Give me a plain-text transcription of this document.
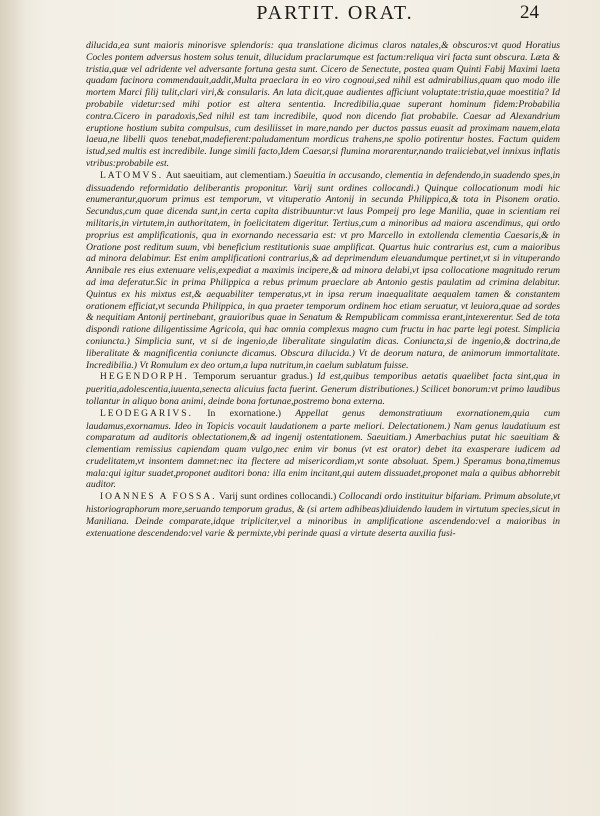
PARTIT. ORAT.	24

dilucida,ea sunt maioris minorisve splendoris: qua translatione dicimus claros natales,& obscuros:vt quod Horatius Cocles pontem adversus hostem solus tenuit, dilucidum praclarumque est factum:reliqua viri facta sunt obscura. Læta & tristia,quæ vel adridente vel adversante fortuna gesta sunt. Cicero de Senectute, postea quam Quinti Fabij Maximi laeta quadam facinora commendauit,addit,Multa praeclara in eo viro cognoui,sed nihil est admirabilius,quam quo modo ille mortem Marci filij tulit,clari viri,& consularis. An lata dicit,quae audientes afficiunt voluptate:tristia,quae moestitia? Id probabile videtur:sed mihi potior est altera sententia. Incredibilia,quae superant hominum fidem:Probabilia contra.Cicero in paradoxis,Sed nihil est tam incredibile, quod non dicendo fiat probabile. Caesar ad Alexandrium eruptione hostium subita compulsus, cum desiliisset in mare,nando per ductos passus euasit ad proximam nauem,elata laeua,ne libelli quos tenebat,madefierent:paludamentum mordicus trahens,ne spolio potirentur hostes. Factum quidem istud,sed multis est incredibile. Iunge simili facto,Idem Caesar,si flumina morarentur,nando traiiciebat,vel innixus inflatis vtribus:probabile est.

LATOMVS. Aut saeuitiam, aut clementiam.) Saeuitia in accusando, clementia in defendendo,in suadendo spes,in dissuadendo reformidatio deliberantis proponitur. Varij sunt ordines collocandi.) Quinque collocationum modi hic enumerantur,quorum primus est temporum, vt vituperatio Antonij in secunda Philippica,& tota in Pisonem oratio. Secundus,cum quae dicenda sunt,in certa capita distribuuntur:vt laus Pompeij pro lege Manilia, quae in scientiam rei militaris,in virtutem,in authoritatem, in foelicitatem digeritur. Tertius,cum a minoribus ad maiora ascendimus, qui ordo proprius est amplificationis, qua in exornando necessaria est: vt pro Marcello in extollenda clementia Caesaris,& in Oratione post reditum suum, vbi beneficium restitutionis suae amplificat. Quartus huic contrarius est, cum a maioribus ad minora delabimur. Est enim amplificationi contrarius,& ad deprimendum eleuandumque pertinet,vt si in vituperando Annibale res eius extenuare velis,expediat a maximis incipere,& ad minora delabi,vt ipsa collocatione magnitudo rerum ad ima deferatur.Sic in prima Philippica a rebus primum praeclare ab Antonio gestis paulatim ad crimina delabitur. Quintus ex his mixtus est,& aequabiliter temperatus,vt in ipsa rerum inaequalitate aequalem tamen & constantem orationem efficiat,vt secunda Philippica, in qua praeter temporum ordinem hoc etiam seruatur, vt leuiora,quae ad sordes & nequitiam Antonij pertinebant, grauioribus quae in Senatum & Rempublicam commissa erant,intexerentur. Sed de tota dispondi ratione diligentissime Agricola, qui hac omnia complexus magno cum fructu in hac parte legi potest. Simplicia coniuncta.) Simplicia sunt, vt si de ingenio,de liberalitate singulatim dicas. Coniuncta,si de ingenio,& doctrina,de liberalitate & magnificentia coniuncte dicamus. Obscura dilucida.) Vt de deorum natura, de animorum immortalitate. Incredibilia.) Vt Romulum ex deo ortum,a lupa nutritum,in caelum sublatum fuisse.

HEGENDORPH. Temporum seruantur gradus.) Id est,quibus temporibus aetatis quaelibet facta sint,qua in pueritia,adolescentia,iuuenta,senecta alicuius facta fuerint. Generum distributiones.) Scilicet bonorum:vt primo laudibus tollantur in aliquo bona animi, deinde bona fortunae,postremo bona externa.

LEODEGARIVS. In exornatione.) Appellat genus demonstratiuum exornationem,quia cum laudamus,exornamus. Ideo in Topicis vocauit laudationem a parte meliori. Delectationem.) Nam genus laudatiuum est comparatum ad auditoris oblectationem,& ad ingenij ostentationem. Saeuitiam.) Amerbachius putat hic saeuitiam & clementiam remissius capiendam quam vulgo,nec enim vir bonus (vt est orator) debet ita exasperare iudicem ad crudelitatem,vt insontem damnet:nec ita flectere ad misericordiam,vt sonte absoluat. Spem.) Speramus bona,timemus mala:qui igitur suadet,proponet auditori bona: illa enim incitant,qui autem dissuadet,proponet mala a quibus abhorrebit auditor.

IOANNES A FOSSA. Varij sunt ordines collocandi.) Collocandi ordo instituitur bifariam. Primum absolute,vt historiographorum more,seruando temporum gradus, & (si artem adhibeas)diuidendo laudem in virtutum species,sicut in Maniliana. Deinde comparate,idque tripliciter,vel a minoribus in amplificatione ascendendo:vel a maioribus in extenuatione descendendo:vel varie & permixte,vbi perinde quasi a virtute deserta auxilia fusi-
